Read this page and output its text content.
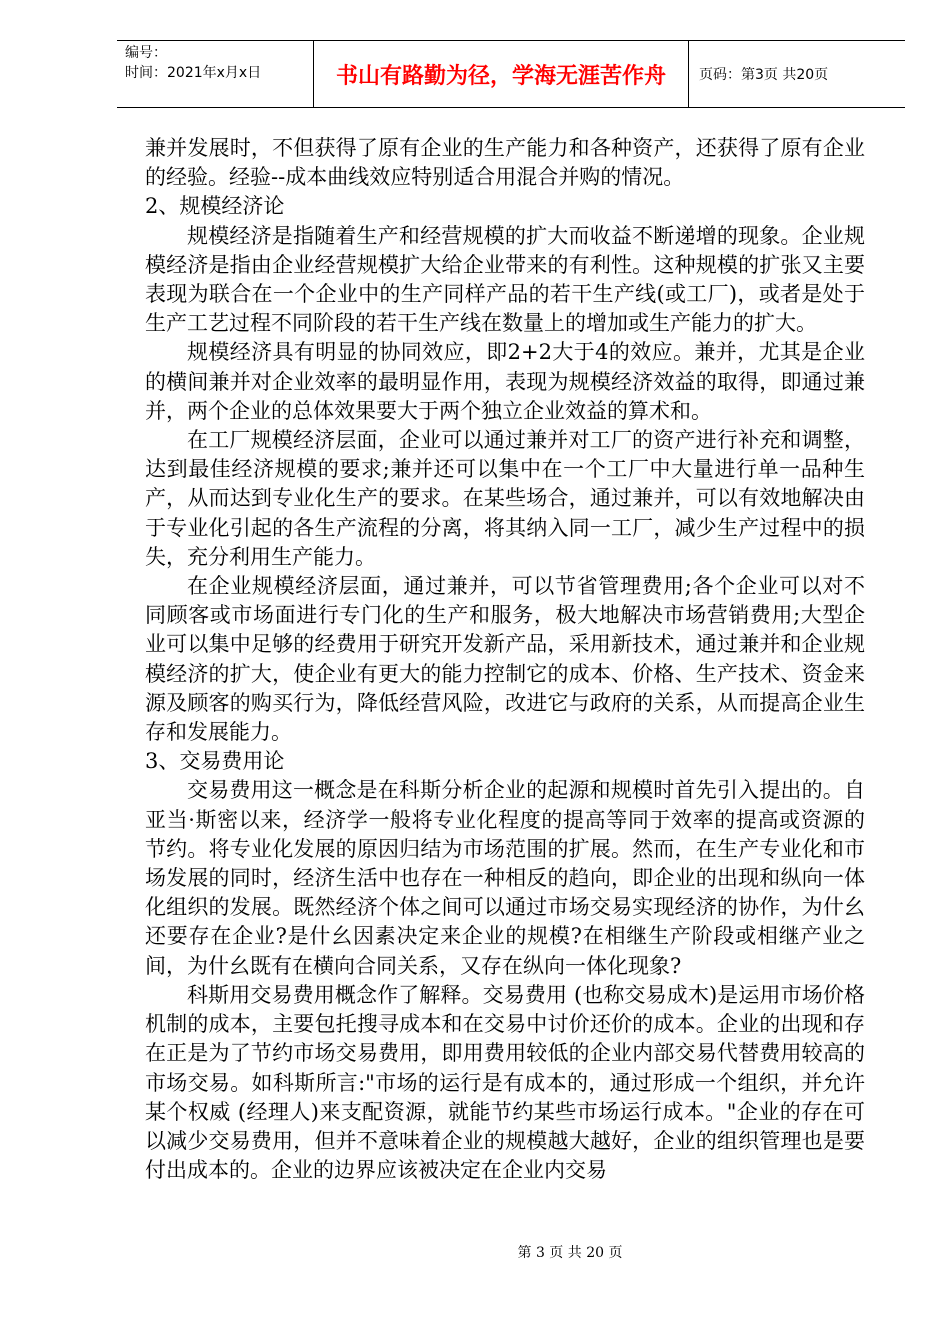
编号：
时间：2021年x月x日	书山有路勤为径，学海无涯苦作舟	页码：第3页 共20页

兼并发展时，不但获得了原有企业的生产能力和各种资产，还获得了原有企业的经验。经验--成本曲线效应特别适合用混合并购的情况。

2、规模经济论

规模经济是指随着生产和经营规模的扩大而收益不断递增的现象。企业规模经济是指由企业经营规模扩大给企业带来的有利性。这种规模的扩张又主要表现为联合在一个企业中的生产同样产品的若干生产线(或工厂)，或者是处于生产工艺过程不同阶段的若干生产线在数量上的增加或生产能力的扩大。

规模经济具有明显的协同效应，即2+2大于4的效应。兼并，尤其是企业的横间兼并对企业效率的最明显作用，表现为规模经济效益的取得，即通过兼并，两个企业的总体效果要大于两个独立企业效益的算术和。

在工厂规模经济层面，企业可以通过兼并对工厂的资产进行补充和调整，达到最佳经济规模的要求;兼并还可以集中在一个工厂中大量进行单一品种生产，从而达到专业化生产的要求。在某些场合，通过兼并，可以有效地解决由于专业化引起的各生产流程的分离，将其纳入同一工厂，减少生产过程中的损失，充分利用生产能力。

在企业规模经济层面，通过兼并，可以节省管理费用;各个企业可以对不同顾客或市场面进行专门化的生产和服务，极大地解决市场营销费用;大型企业可以集中足够的经费用于研究开发新产品，采用新技术，通过兼并和企业规模经济的扩大，使企业有更大的能力控制它的成本、价格、生产技术、资金来源及顾客的购买行为，降低经营风险，改进它与政府的关系，从而提高企业生存和发展能力。

3、交易费用论

交易费用这一概念是在科斯分析企业的起源和规模时首先引入提出的。自亚当·斯密以来，经济学一般将专业化程度的提高等同于效率的提高或资源的节约。将专业化发展的原因归结为市场范围的扩展。然而，在生产专业化和市场发展的同时，经济生活中也存在一种相反的趋向，即企业的出现和纵向一体化组织的发展。既然经济个体之间可以通过市场交易实现经济的协作，为什幺还要存在企业?是什幺因素决定来企业的规模?在相继生产阶段或相继产业之间，为什幺既有在横向合同关系，又存在纵向一体化现象?

科斯用交易费用概念作了解释。交易费用 (也称交易成木)是运用市场价格机制的成本，主要包托搜寻成本和在交易中讨价还价的成本。企业的出现和存在正是为了节约市场交易费用，即用费用较低的企业内部交易代替费用较高的市场交易。如科斯所言:"市场的运行是有成本的，通过形成一个组织，并允许某个权威 (经理人)来支配资源，就能节约某些市场运行成本。"企业的存在可以减少交易费用，但并不意味着企业的规模越大越好，企业的组织管理也是要付出成本的。企业的边界应该被决定在企业内交易

第 3 页 共 20 页
